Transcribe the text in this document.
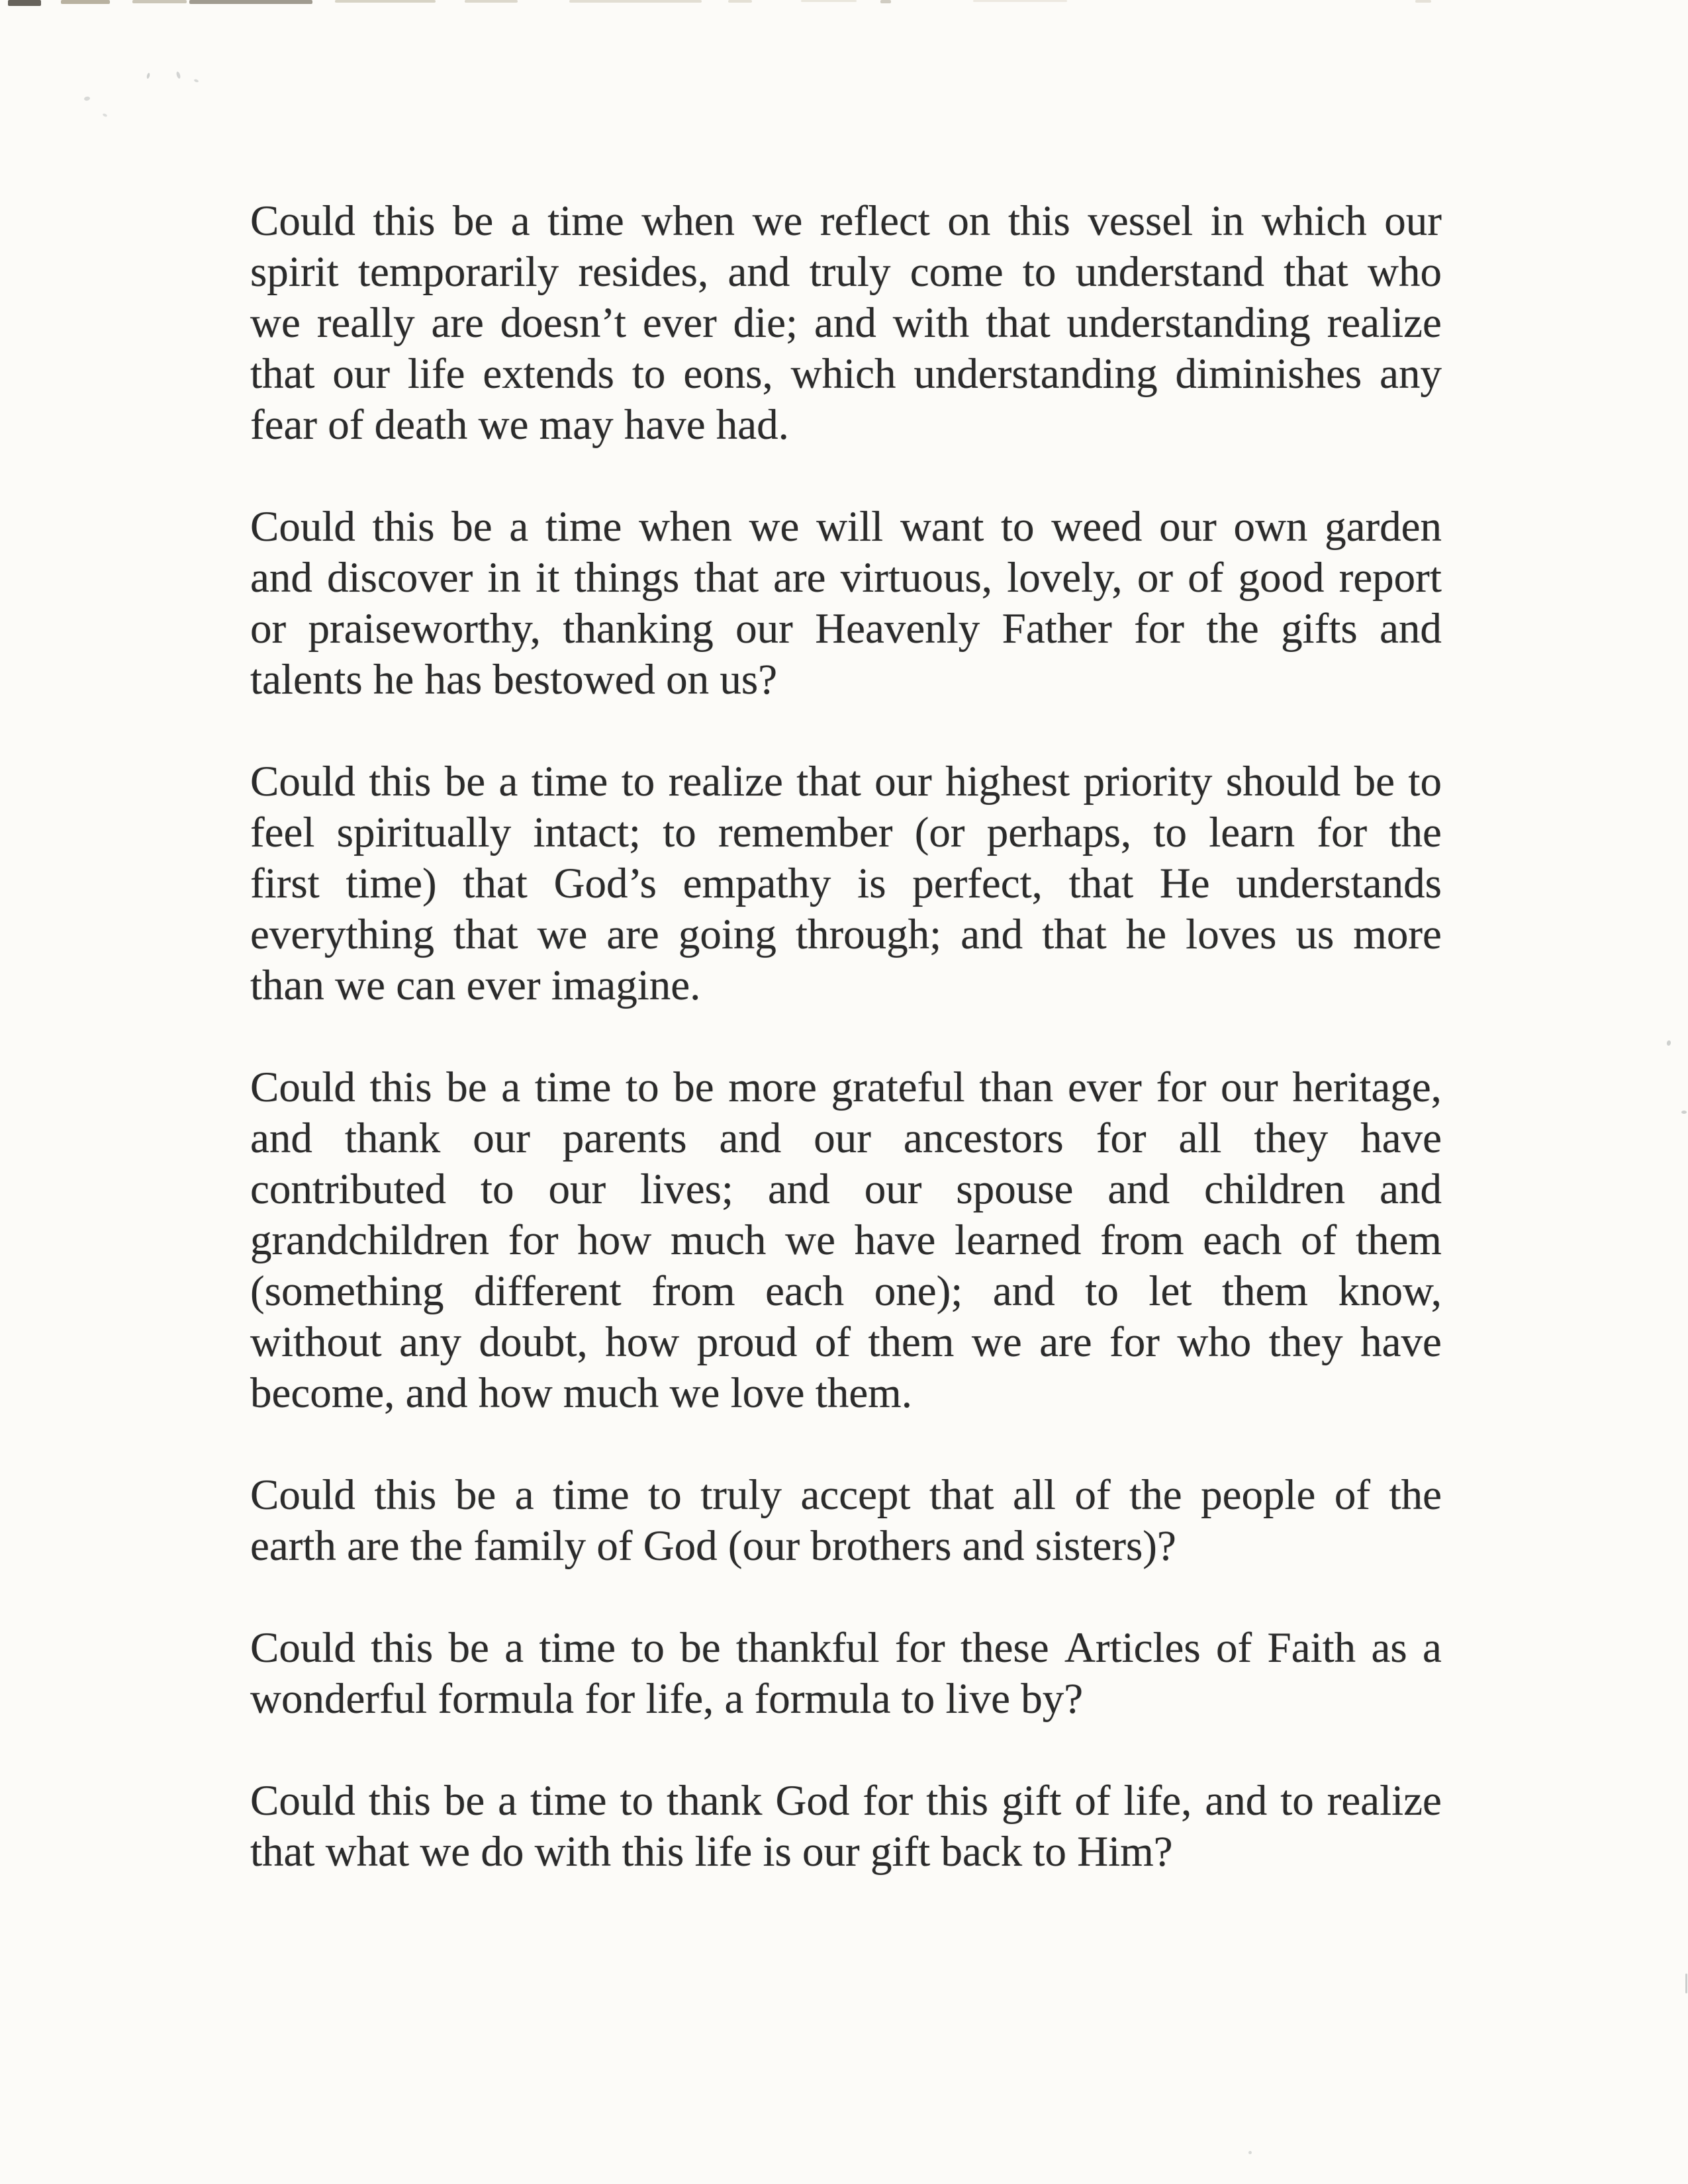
Could this be a time when we reflect on this vessel in which our
spirit temporarily resides, and truly come to understand that who
we really are doesn’t ever die; and with that understanding realize
that our life extends to eons, which understanding diminishes any
fear of death we may have had.
Could this be a time when we will want to weed our own garden
and discover in it things that are virtuous, lovely, or of good report
or praiseworthy, thanking our Heavenly Father for the gifts and
talents he has bestowed on us?
Could this be a time to realize that our highest priority should be to
feel spiritually intact; to remember (or perhaps, to learn for the
first time) that God’s empathy is perfect, that He understands
everything that we are going through; and that he loves us more
than we can ever imagine.
Could this be a time to be more grateful than ever for our heritage,
and thank our parents and our ancestors for all they have
contributed to our lives; and our spouse and children and
grandchildren for how much we have learned from each of them
(something different from each one); and to let them know,
without any doubt, how proud of them we are for who they have
become, and how much we love them.
Could this be a time to truly accept that all of the people of the
earth are the family of God (our brothers and sisters)?
Could this be a time to be thankful for these Articles of Faith as a
wonderful formula for life, a formula to live by?
Could this be a time to thank God for this gift of life, and to realize
that what we do with this life is our gift back to Him?
